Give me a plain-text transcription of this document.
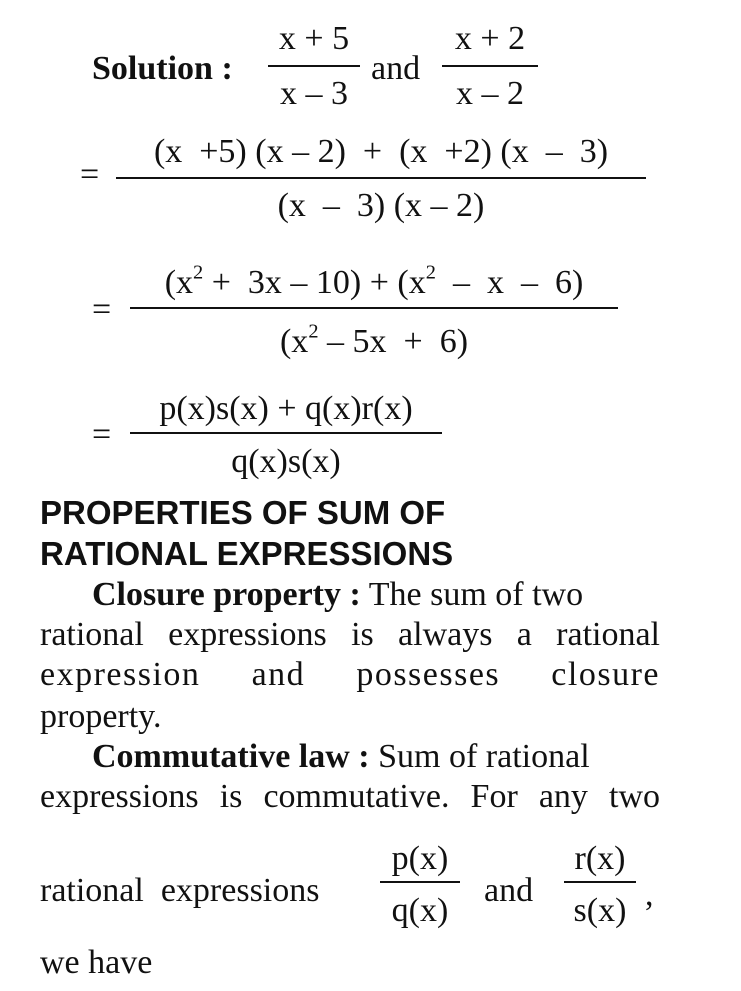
Solution :
x + 5
x – 3
and
x + 2
x – 2
=
(x  +5) (x – 2)  +  (x  +2) (x  –  3)
(x  –  3) (x – 2)
=
$(x^2 + 3x - 10) + (x^2 - x - 6)$
$(x^2 - 5x + 6)$
=
p(x)s(x) + q(x)r(x)
q(x)s(x)
PROPERTIES OF SUM OF
RATIONAL EXPRESSIONS
Closure property : The sum of two
rational expressions is always a rational
expression and possesses closure
property.
Commutative law : Sum of rational
expressions is commutative. For any two
rational  expressions
p(x)
q(x)
and
r(x)
s(x) ,
we have
